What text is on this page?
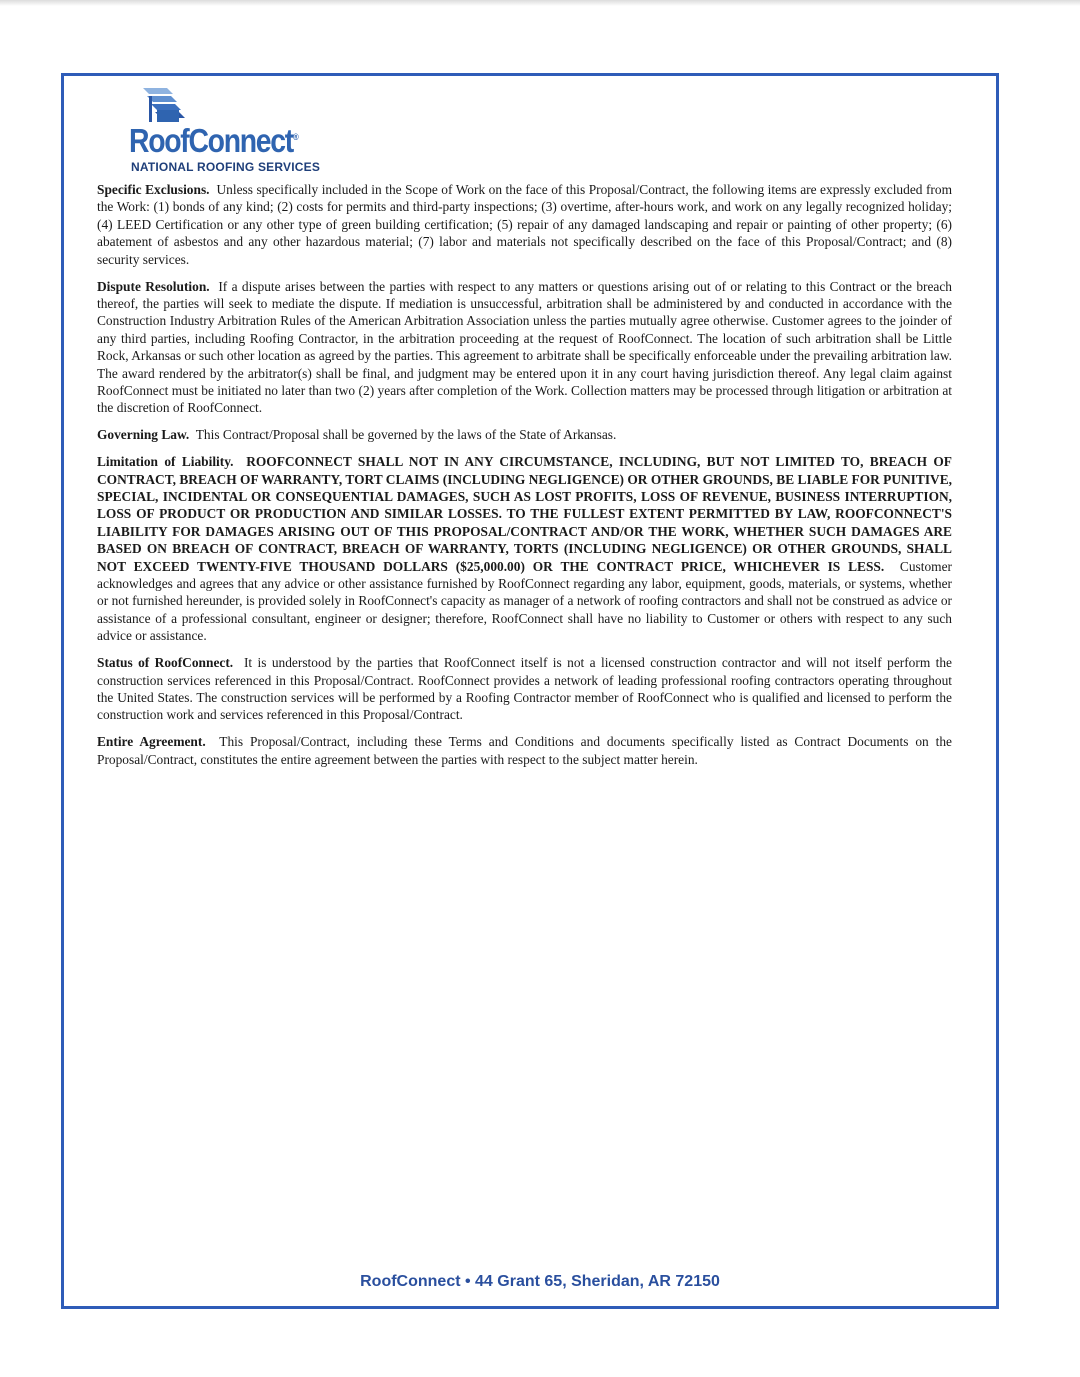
RoofConnect®
NATIONAL ROOFING SERVICES

Specific Exclusions. Unless specifically included in the Scope of Work on the face of this Proposal/Contract, the following items are expressly excluded from the Work: (1) bonds of any kind; (2) costs for permits and third-party inspections; (3) overtime, after-hours work, and work on any legally recognized holiday; (4) LEED Certification or any other type of green building certification; (5) repair of any damaged landscaping and repair or painting of other property; (6) abatement of asbestos and any other hazardous material; (7) labor and materials not specifically described on the face of this Proposal/Contract; and (8) security services.

Dispute Resolution. If a dispute arises between the parties with respect to any matters or questions arising out of or relating to this Contract or the breach thereof, the parties will seek to mediate the dispute. If mediation is unsuccessful, arbitration shall be administered by and conducted in accordance with the Construction Industry Arbitration Rules of the American Arbitration Association unless the parties mutually agree otherwise. Customer agrees to the joinder of any third parties, including Roofing Contractor, in the arbitration proceeding at the request of RoofConnect. The location of such arbitration shall be Little Rock, Arkansas or such other location as agreed by the parties. This agreement to arbitrate shall be specifically enforceable under the prevailing arbitration law. The award rendered by the arbitrator(s) shall be final, and judgment may be entered upon it in any court having jurisdiction thereof. Any legal claim against RoofConnect must be initiated no later than two (2) years after completion of the Work. Collection matters may be processed through litigation or arbitration at the discretion of RoofConnect.

Governing Law. This Contract/Proposal shall be governed by the laws of the State of Arkansas.

Limitation of Liability. ROOFCONNECT SHALL NOT IN ANY CIRCUMSTANCE, INCLUDING, BUT NOT LIMITED TO, BREACH OF CONTRACT, BREACH OF WARRANTY, TORT CLAIMS (INCLUDING NEGLIGENCE) OR OTHER GROUNDS, BE LIABLE FOR PUNITIVE, SPECIAL, INCIDENTAL OR CONSEQUENTIAL DAMAGES, SUCH AS LOST PROFITS, LOSS OF REVENUE, BUSINESS INTERRUPTION, LOSS OF PRODUCT OR PRODUCTION AND SIMILAR LOSSES. TO THE FULLEST EXTENT PERMITTED BY LAW, ROOFCONNECT'S LIABILITY FOR DAMAGES ARISING OUT OF THIS PROPOSAL/CONTRACT AND/OR THE WORK, WHETHER SUCH DAMAGES ARE BASED ON BREACH OF CONTRACT, BREACH OF WARRANTY, TORTS (INCLUDING NEGLIGENCE) OR OTHER GROUNDS, SHALL NOT EXCEED TWENTY-FIVE THOUSAND DOLLARS ($25,000.00) OR THE CONTRACT PRICE, WHICHEVER IS LESS. Customer acknowledges and agrees that any advice or other assistance furnished by RoofConnect regarding any labor, equipment, goods, materials, or systems, whether or not furnished hereunder, is provided solely in RoofConnect's capacity as manager of a network of roofing contractors and shall not be construed as advice or assistance of a professional consultant, engineer or designer; therefore, RoofConnect shall have no liability to Customer or others with respect to any such advice or assistance.

Status of RoofConnect. It is understood by the parties that RoofConnect itself is not a licensed construction contractor and will not itself perform the construction services referenced in this Proposal/Contract. RoofConnect provides a network of leading professional roofing contractors operating throughout the United States. The construction services will be performed by a Roofing Contractor member of RoofConnect who is qualified and licensed to perform the construction work and services referenced in this Proposal/Contract.

Entire Agreement. This Proposal/Contract, including these Terms and Conditions and documents specifically listed as Contract Documents on the Proposal/Contract, constitutes the entire agreement between the parties with respect to the subject matter herein.

RoofConnect • 44 Grant 65, Sheridan, AR 72150
